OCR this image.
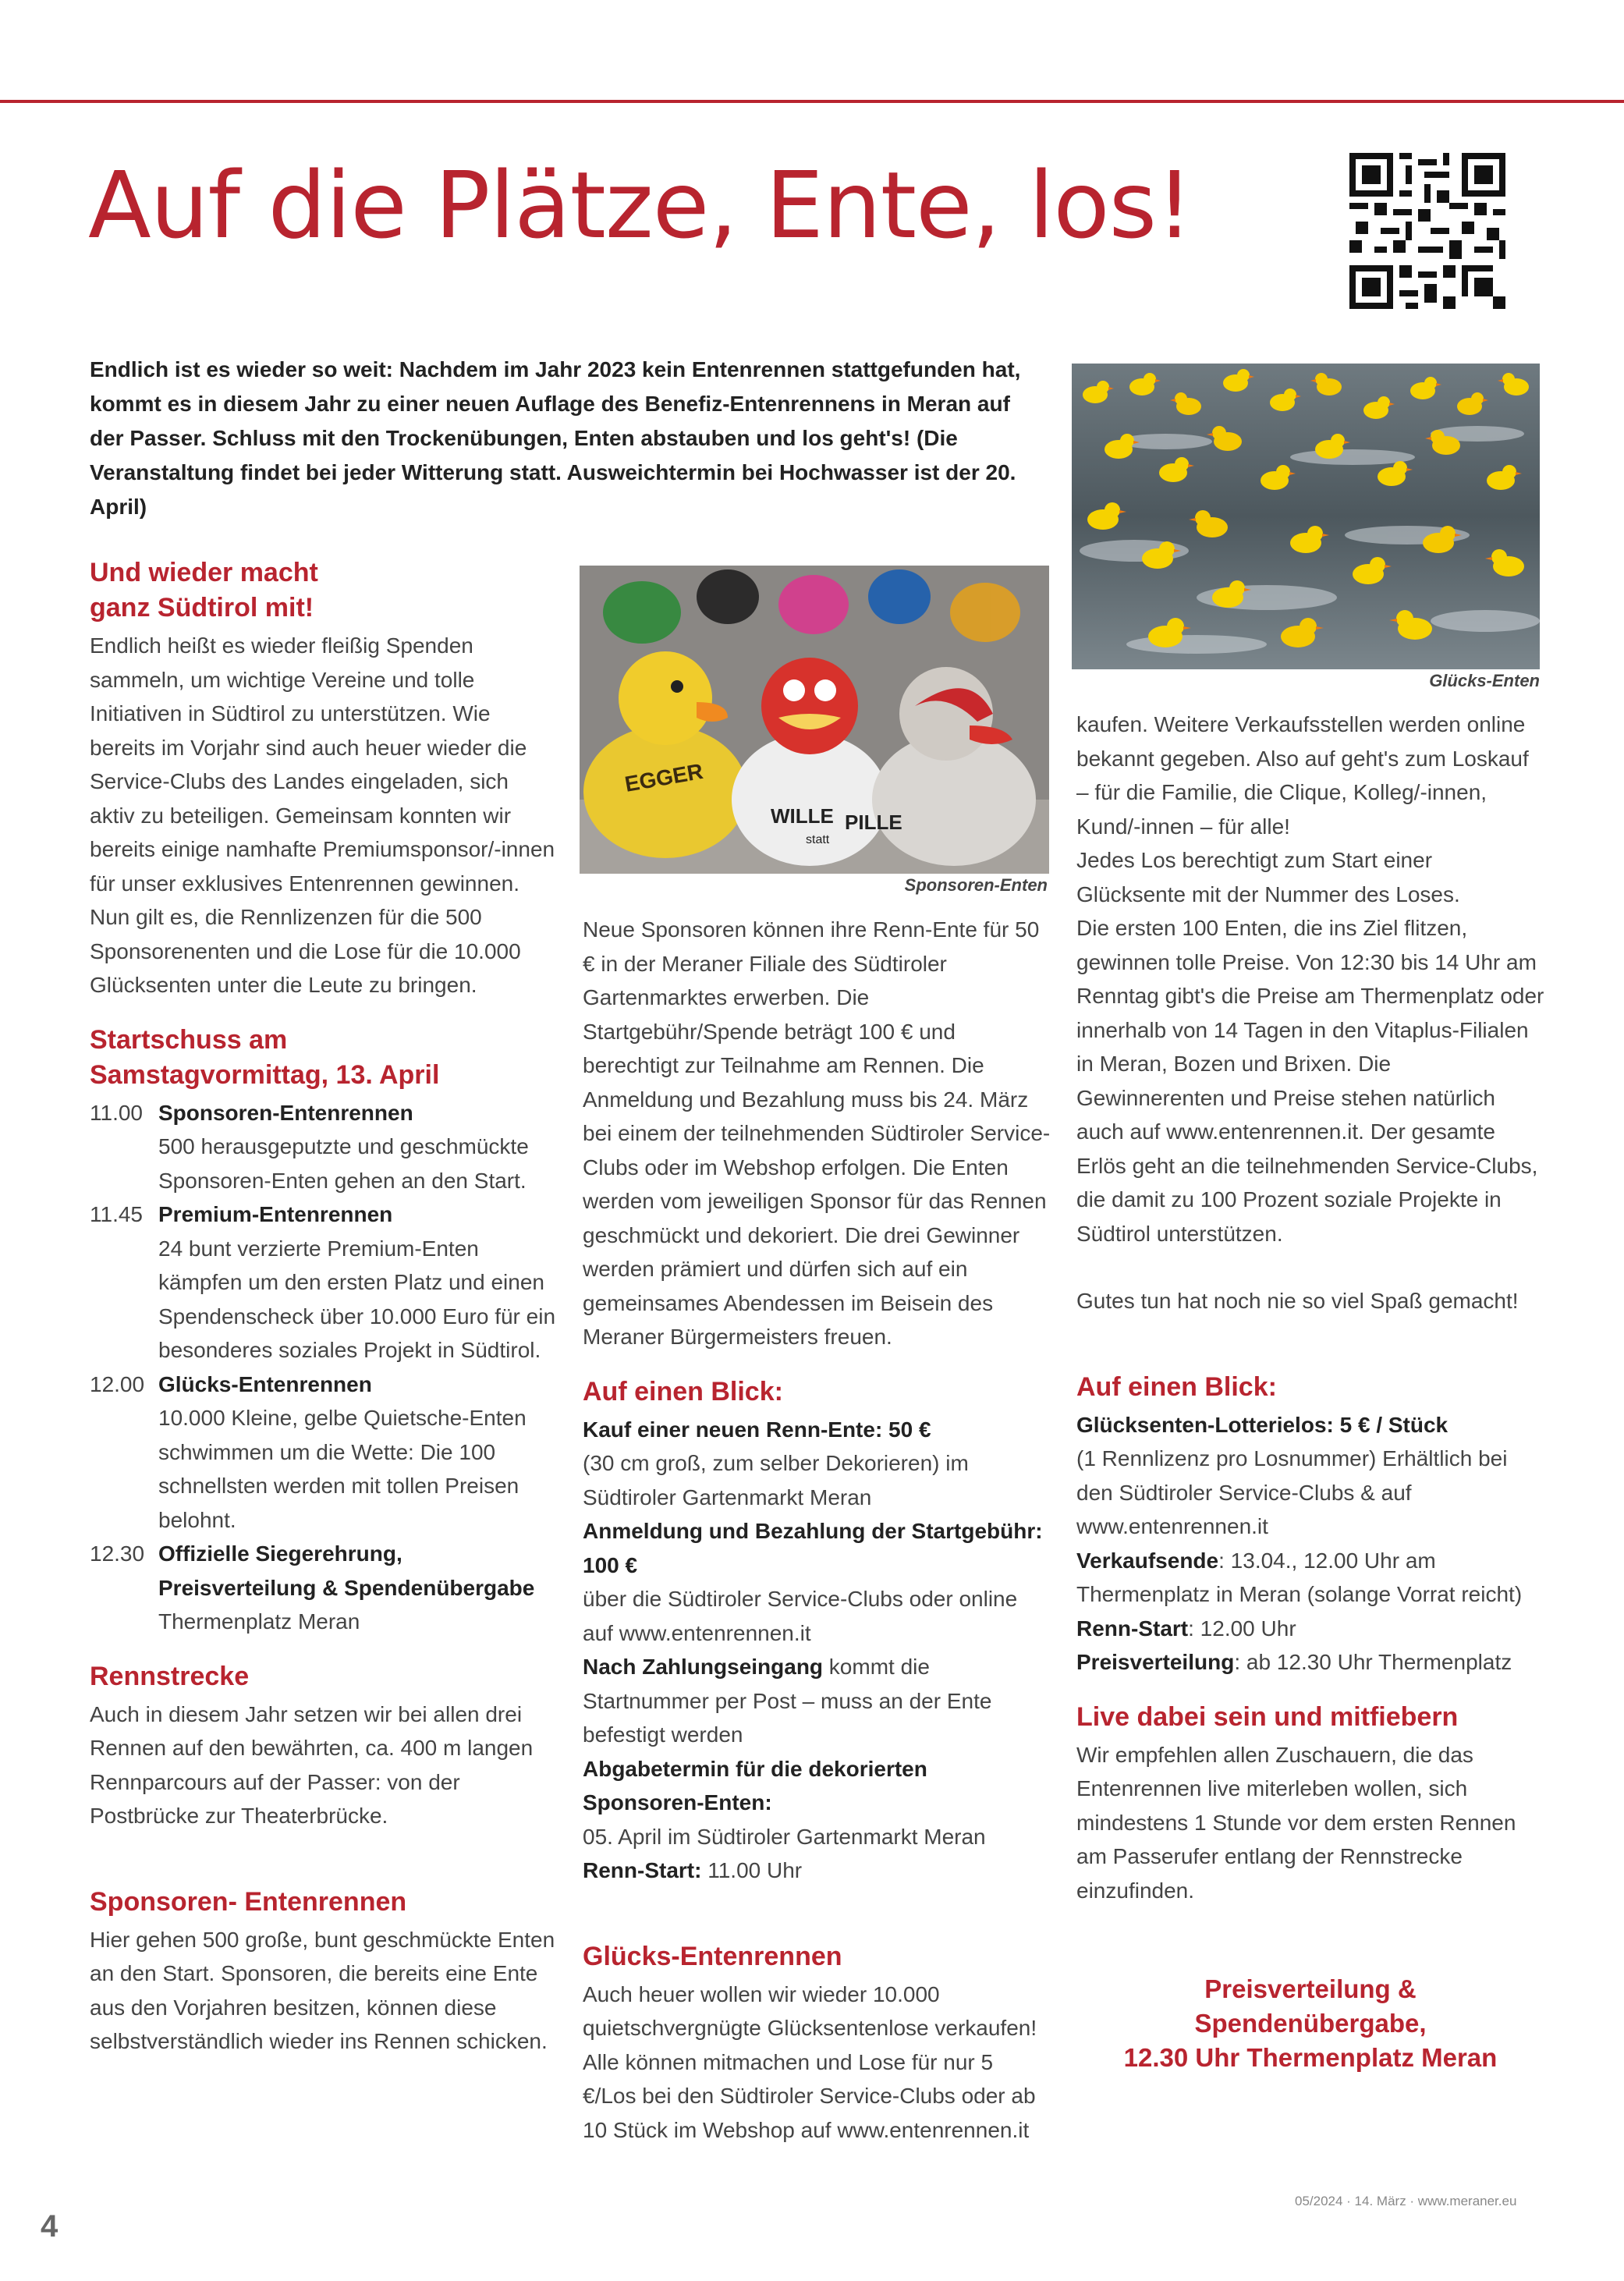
Auf die Plätze, Ente, los!

Endlich ist es wieder so weit: Nachdem im Jahr 2023 kein Entenrennen stattgefunden hat, kommt es in diesem Jahr zu einer neuen Auflage des Benefiz-Entenrennens in Meran auf der Passer. Schluss mit den Trockenübungen, Enten abstauben und los geht's! (Die Veranstaltung findet bei jeder Witterung statt. Ausweichtermin bei Hochwasser ist der 20. April)

Glücks-Enten
EGGER
WILLE PILLE
statt
Sponsoren-Enten

Und wieder macht

ganz Südtirol mit!

Endlich heißt es wieder fleißig Spenden sammeln, um wichtige Vereine und tolle Initiativen in Südtirol zu unterstützen. Wie bereits im Vorjahr sind auch heuer wieder die Service-Clubs des Landes eingeladen, sich aktiv zu beteiligen. Gemeinsam konnten wir bereits einige namhafte Premiumsponsor/-innen für unser exklusives Entenrennen gewinnen. Nun gilt es, die Rennlizenzen für die 500 Sponsorenenten und die Lose für die 10.000 Glücksenten unter die Leute zu bringen.

Startschuss am

Samstagvormittag, 13. April

11.00 Sponsoren-Entenrennen
500 herausgeputzte und geschmückte Sponsoren-Enten gehen an den Start.
11.45 Premium-Entenrennen
24 bunt verzierte Premium-Enten kämpfen um den ersten Platz und einen Spendenscheck über 10.000 Euro für ein besonderes soziales Projekt in Südtirol.
12.00 Glücks-Entenrennen
10.000 Kleine, gelbe Quietsche-Enten schwimmen um die Wette: Die 100 schnellsten werden mit tollen Preisen belohnt.
12.30 Offizielle Siegerehrung, Preisverteilung & Spendenübergabe
Thermenplatz Meran

Rennstrecke

Auch in diesem Jahr setzen wir bei allen drei Rennen auf den bewährten, ca. 400 m langen Rennparcours auf der Passer: von der Postbrücke zur Theaterbrücke.

Sponsoren- Entenrennen

Hier gehen 500 große, bunt geschmückte Enten an den Start. Sponsoren, die bereits eine Ente aus den Vorjahren besitzen, können diese selbstverständlich wieder ins Rennen schicken.

Neue Sponsoren können ihre Renn-Ente für 50 € in der Meraner Filiale des Südtiroler Gartenmarktes erwerben. Die Startgebühr/Spende beträgt 100 € und berechtigt zur Teilnahme am Rennen. Die Anmeldung und Bezahlung muss bis 24. März bei einem der teilnehmenden Südtiroler Service-Clubs oder im Webshop erfolgen. Die Enten werden vom jeweiligen Sponsor für das Rennen geschmückt und dekoriert. Die drei Gewinner werden prämiert und dürfen sich auf ein gemeinsames Abendessen im Beisein des Meraner Bürgermeisters freuen.

Auf einen Blick:

Kauf einer neuen Renn-Ente: 50 €

(30 cm groß, zum selber Dekorieren) im Südtiroler Gartenmarkt Meran

Anmeldung und Bezahlung der Startgebühr: 100 €

über die Südtiroler Service-Clubs oder online auf www.entenrennen.it

Nach Zahlungseingang kommt die Startnummer per Post – muss an der Ente befestigt werden

Abgabetermin für die dekorierten Sponsoren-Enten:

05. April im Südtiroler Gartenmarkt Meran

Renn-Start: 11.00 Uhr

Glücks-Entenrennen

Auch heuer wollen wir wieder 10.000 quietschvergnügte Glücksentenlose verkaufen! Alle können mitmachen und Lose für nur 5 €/Los bei den Südtiroler Service-Clubs oder ab 10 Stück im Webshop auf www.entenrennen.it

kaufen. Weitere Verkaufsstellen werden online bekannt gegeben. Also auf geht's zum Loskauf – für die Familie, die Clique, Kolleg/-innen, Kund/-innen – für alle!

Jedes Los berechtigt zum Start einer Glücksente mit der Nummer des Loses.

Die ersten 100 Enten, die ins Ziel flitzen, gewinnen tolle Preise. Von 12:30 bis 14 Uhr am Renntag gibt's die Preise am Thermenplatz oder innerhalb von 14 Tagen in den Vitaplus-Filialen in Meran, Bozen und Brixen. Die Gewinnerenten und Preise stehen natürlich auch auf www.entenrennen.it. Der gesamte Erlös geht an die teilnehmenden Service-Clubs, die damit zu 100 Prozent soziale Projekte in Südtirol unterstützen.

Gutes tun hat noch nie so viel Spaß gemacht!

Auf einen Blick:

Glücksenten-Lotterielos: 5 € / Stück

(1 Rennlizenz pro Losnummer) Erhältlich bei den Südtiroler Service-Clubs & auf www.entenrennen.it

Verkaufsende: 13.04., 12.00 Uhr am Thermenplatz in Meran (solange Vorrat reicht)

Renn-Start: 12.00 Uhr

Preisverteilung: ab 12.30 Uhr Thermenplatz

Live dabei sein und mitfiebern

Wir empfehlen allen Zuschauern, die das Entenrennen live miterleben wollen, sich mindestens 1 Stunde vor dem ersten Rennen am Passerufer entlang der Rennstrecke einzufinden.

Preisverteilung &
Spendenübergabe,
12.30 Uhr Thermenplatz Meran
4
05/2024 · 14. März · www.meraner.eu
